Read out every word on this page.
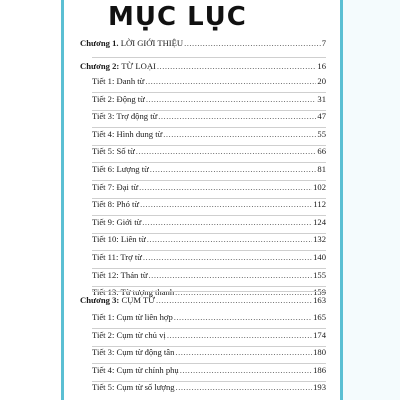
MỤC LỤC
Chương 1. LỜI GIỚI THIỆU .....	7
Chương 2: TỪ LOẠI .....	16
Tiết 1: Danh từ .....	20
Tiết 2: Động từ .....	31
Tiết 3: Trợ động từ .....	47
Tiết 4: Hình dung từ .....	55
Tiết 5: Số từ .....	66
Tiết 6: Lượng từ .....	81
Tiết 7: Đại từ .....	102
Tiết 8: Phó từ .....	112
Tiết 9: Giới từ .....	124
Tiết 10: Liên từ .....	132
Tiết 11: Trợ từ .....	140
Tiết 12: Thán từ .....	155
Tiết 13: Từ tượng thanh .....	159
Chương 3: CỤM TỪ .....	163
Tiết 1: Cụm từ liên hợp .....	165
Tiết 2: Cụm từ chủ vị .....	174
Tiết 3: Cụm từ động tân .....	180
Tiết 4: Cụm từ chính phụ .....	186
Tiết 5: Cụm từ số lượng .....	193
